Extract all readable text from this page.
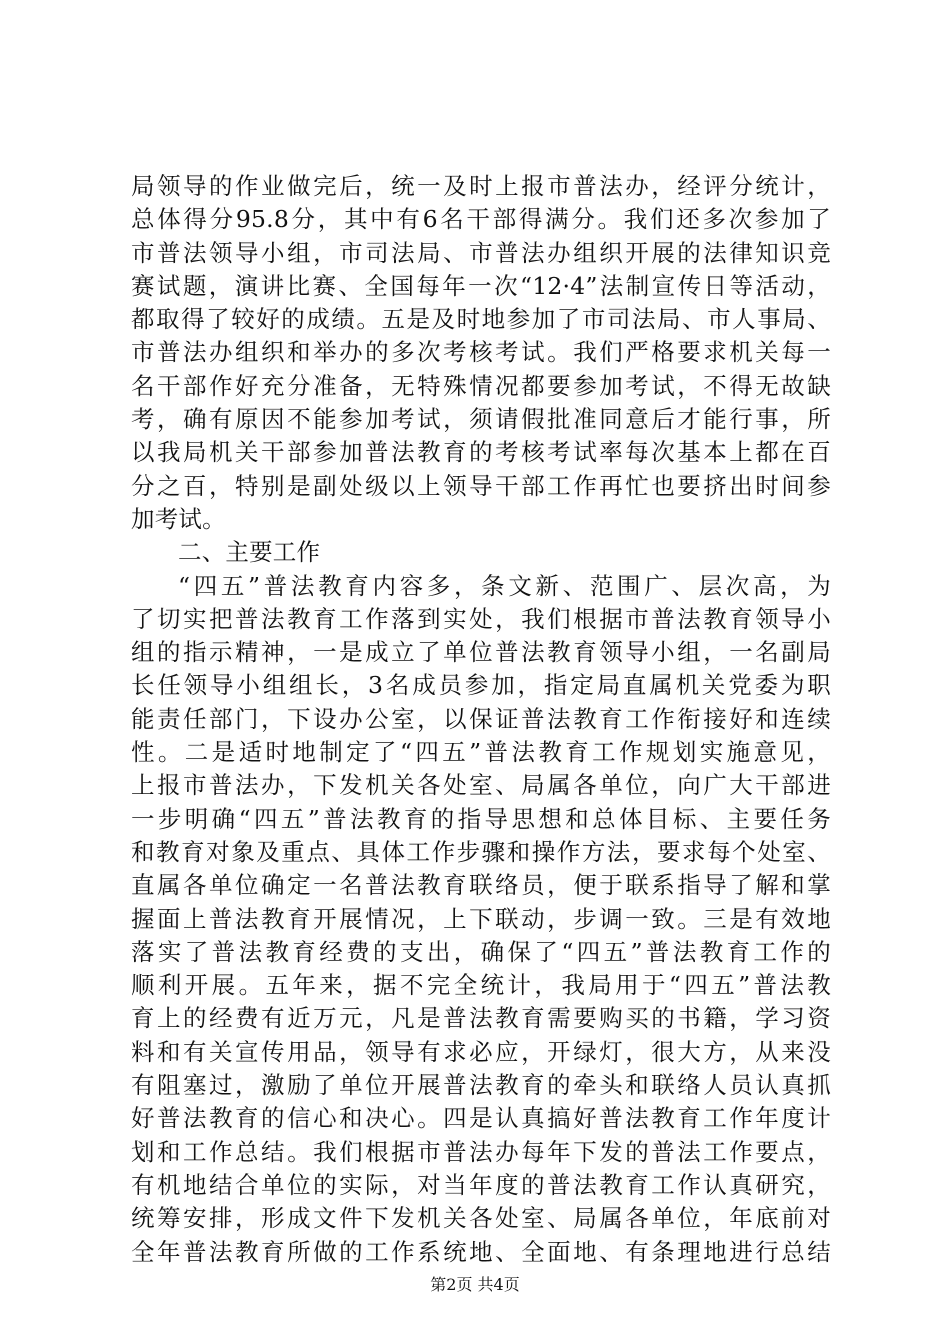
局领导的作业做完后，统一及时上报市普法办，经评分统计，
总体得分95.8分，其中有6名干部得满分。我们还多次参加了
市普法领导小组，市司法局、市普法办组织开展的法律知识竞
赛试题，演讲比赛、全国每年一次“12·4”法制宣传日等活动，
都取得了较好的成绩。五是及时地参加了市司法局、市人事局、
市普法办组织和举办的多次考核考试。我们严格要求机关每一
名干部作好充分准备，无特殊情况都要参加考试，不得无故缺
考，确有原因不能参加考试，须请假批准同意后才能行事，所
以我局机关干部参加普法教育的考核考试率每次基本上都在百
分之百，特别是副处级以上领导干部工作再忙也要挤出时间参
加考试。
二、主要工作
“四五”普法教育内容多，条文新、范围广、层次高，为
了切实把普法教育工作落到实处，我们根据市普法教育领导小
组的指示精神，一是成立了单位普法教育领导小组，一名副局
长任领导小组组长，3名成员参加，指定局直属机关党委为职
能责任部门，下设办公室，以保证普法教育工作衔接好和连续
性。二是适时地制定了“四五”普法教育工作规划实施意见，
上报市普法办，下发机关各处室、局属各单位，向广大干部进
一步明确“四五”普法教育的指导思想和总体目标、主要任务
和教育对象及重点、具体工作步骤和操作方法，要求每个处室、
直属各单位确定一名普法教育联络员，便于联系指导了解和掌
握面上普法教育开展情况，上下联动，步调一致。三是有效地
落实了普法教育经费的支出，确保了“四五”普法教育工作的
顺利开展。五年来，据不完全统计，我局用于“四五”普法教
育上的经费有近万元，凡是普法教育需要购买的书籍，学习资
料和有关宣传用品，领导有求必应，开绿灯，很大方，从来没
有阻塞过，激励了单位开展普法教育的牵头和联络人员认真抓
好普法教育的信心和决心。四是认真搞好普法教育工作年度计
划和工作总结。我们根据市普法办每年下发的普法工作要点，
有机地结合单位的实际，对当年度的普法教育工作认真研究，
统筹安排，形成文件下发机关各处室、局属各单位，年底前对
全年普法教育所做的工作系统地、全面地、有条理地进行总结
第2页 共4页
